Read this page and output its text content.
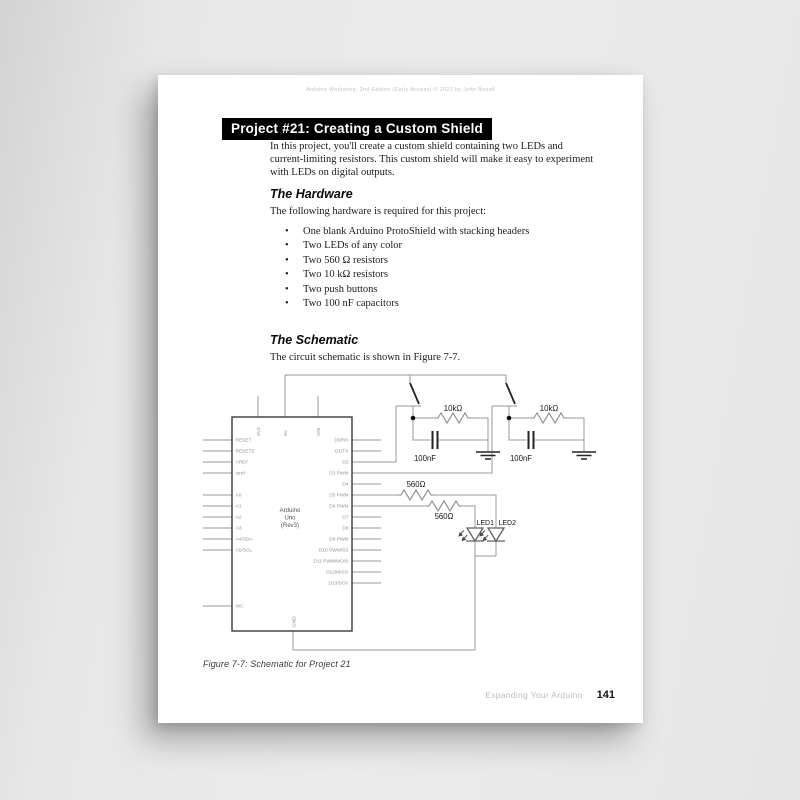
Arduino Workshop, 2nd Edition (Early Access) © 2021 by John Boxall
Project #21: Creating a Custom Shield

In this project, you'll create a custom shield containing two LEDs and current-limiting resistors. This custom shield will make it easy to experiment with LEDs on digital outputs.

The Hardware

The following hardware is required for this project:

• One blank Arduino ProtoShield with stacking headers
• Two LEDs of any color
• Two 560 Ω resistors
• Two 10 kΩ resistors
• Two push buttons
• Two 100 nF capacitors
The Schematic

The circuit schematic is shown in Figure 7-7.

10kΩ	10kΩ
100nF	100nF
560Ω
560Ω
LED1 LED2
Arduino
Uno
(Rev3)
3V3	5V	VIN
GND
RESET
RESET2
AREF
ioref
A0
A1
A2
A3
A4/SDA
A5/SCL
N/C
D0/RX
D1/TX
D2
D3 PWM
D4
D5 PWM
D6 PWM
D7
D8
D9 PWM
D10 PWM/SS
D11 PWM/MOSI
D12/MISO
D13/SCK
Figure 7-7: Schematic for Project 21
Expanding Your Arduino 141
